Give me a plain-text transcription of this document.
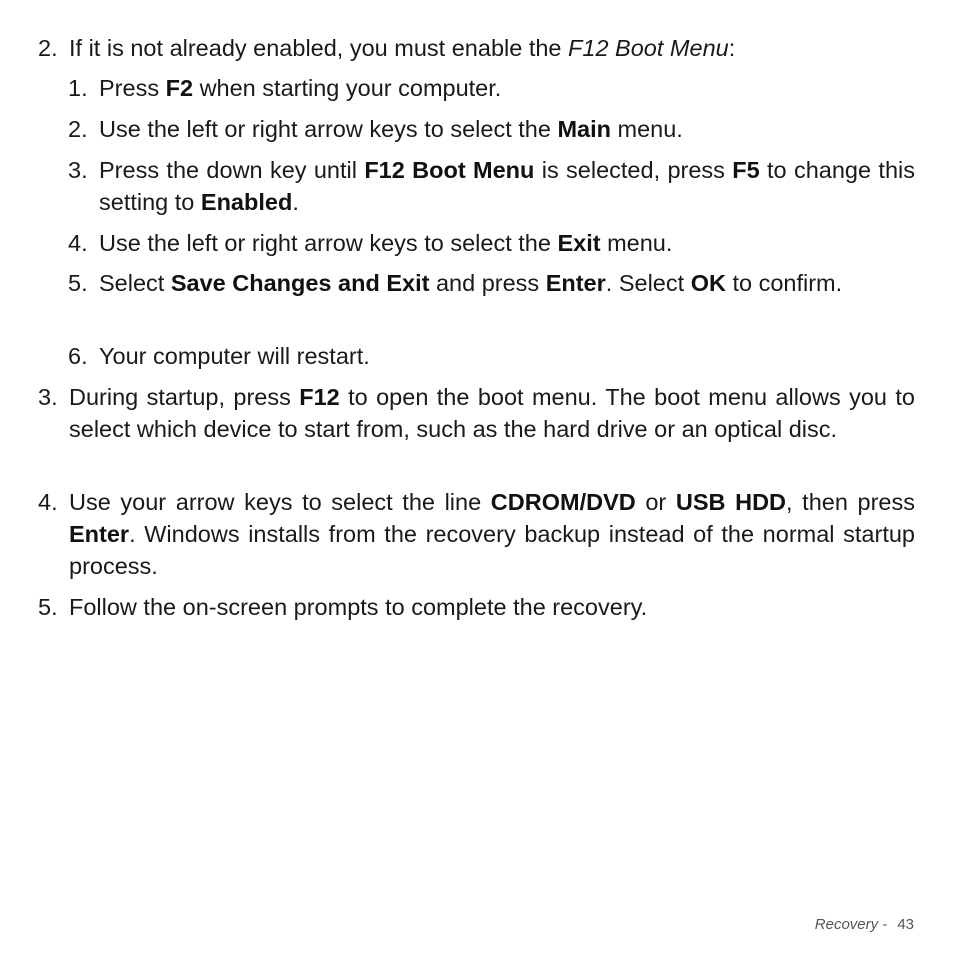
2. If it is not already enabled, you must enable the F12 Boot Menu:
1. Press F2 when starting your computer.
2. Use the left or right arrow keys to select the Main menu.
3. Press the down key until F12 Boot Menu is selected, press F5 to change this setting to Enabled.
4. Use the left or right arrow keys to select the Exit menu.
5. Select Save Changes and Exit and press Enter. Select OK to confirm.
6. Your computer will restart.
3. During startup, press F12 to open the boot menu. The boot menu allows you to select which device to start from, such as the hard drive or an optical disc.
4. Use your arrow keys to select the line CDROM/DVD or USB HDD, then press Enter. Windows installs from the recovery backup instead of the normal startup process.
5. Follow the on-screen prompts to complete the recovery.
Recovery - 43
